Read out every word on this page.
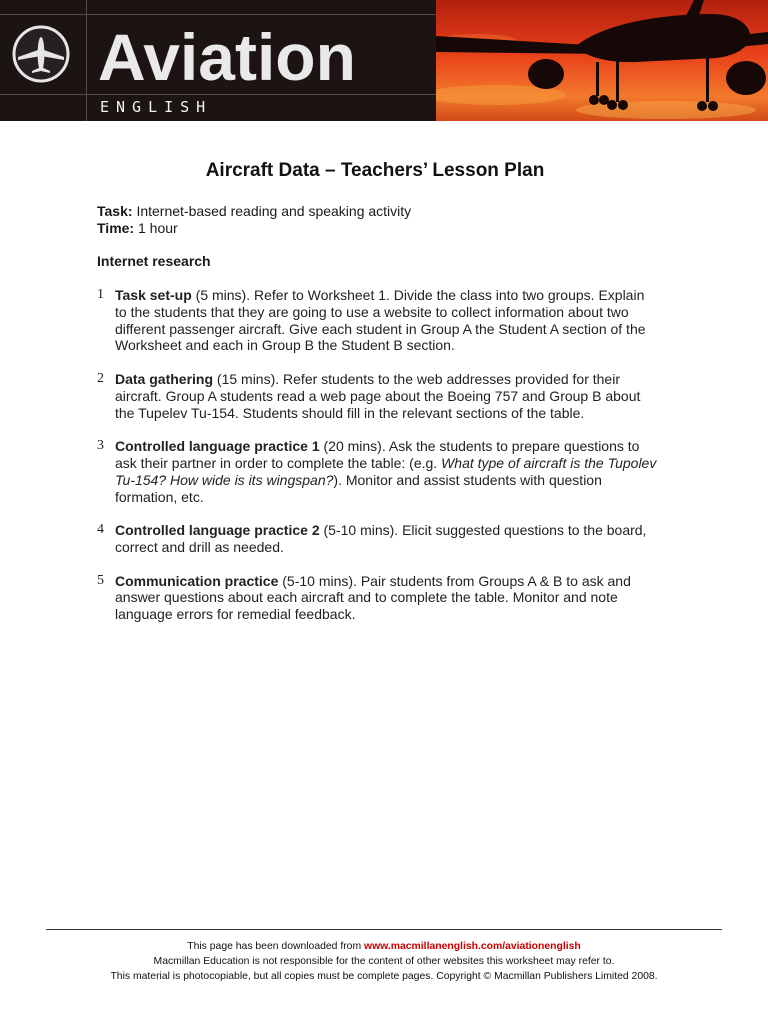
Aviation
ENGLISH
Aircraft Data – Teachers’ Lesson Plan
Task: Internet-based reading and speaking activity
Time: 1 hour
Internet research
1 Task set-up (5 mins). Refer to Worksheet 1. Divide the class into two groups. Explain to the students that they are going to use a website to collect information about two different passenger aircraft. Give each student in Group A the Student A section of the Worksheet and each in Group B the Student B section.
2 Data gathering (15 mins). Refer students to the web addresses provided for their aircraft. Group A students read a web page about the Boeing 757 and Group B about the Tupelev Tu-154. Students should fill in the relevant sections of the table.
3 Controlled language practice 1 (20 mins). Ask the students to prepare questions to ask their partner in order to complete the table: (e.g. What type of aircraft is the Tupolev Tu-154? How wide is its wingspan?). Monitor and assist students with question formation, etc.
4 Controlled language practice 2 (5-10 mins). Elicit suggested questions to the board, correct and drill as needed.
5 Communication practice (5-10 mins). Pair students from Groups A & B to ask and answer questions about each aircraft and to complete the table. Monitor and note language errors for remedial feedback.
This page has been downloaded from www.macmillanenglish.com/aviationenglish
Macmillan Education is not responsible for the content of other websites this worksheet may refer to.
This material is photocopiable, but all copies must be complete pages. Copyright © Macmillan Publishers Limited 2008.
